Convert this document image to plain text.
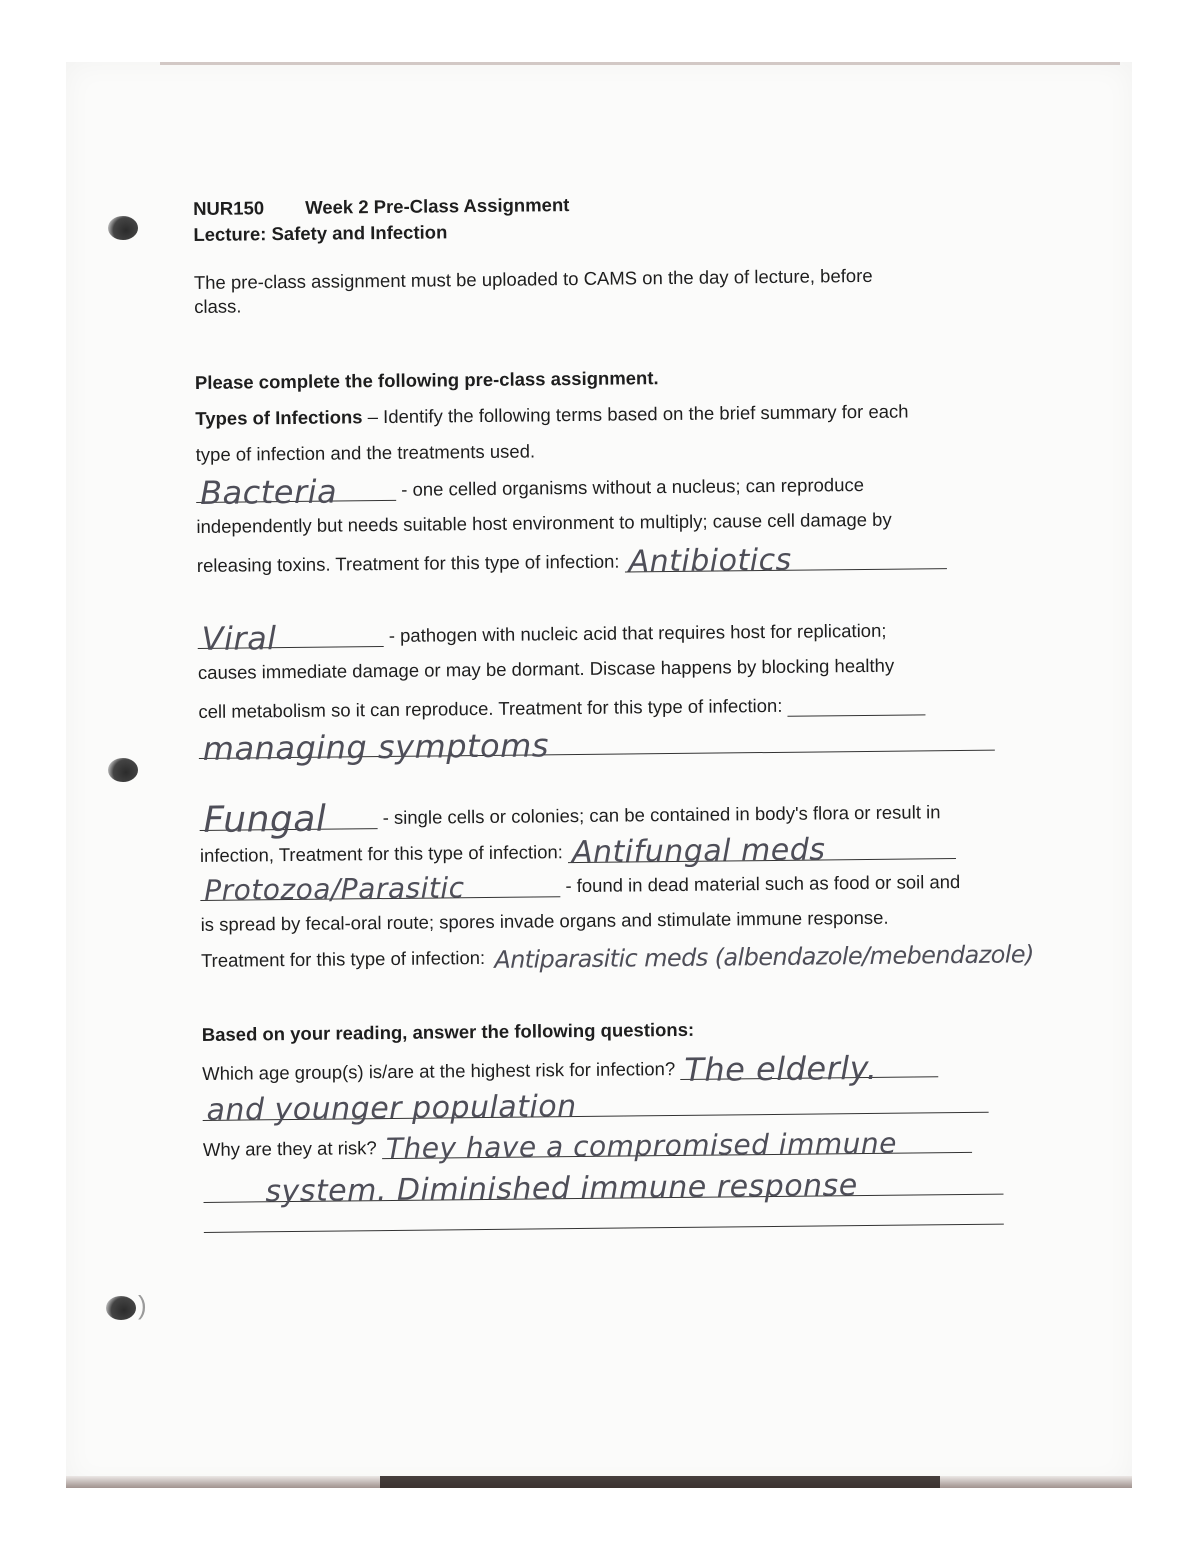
)
NUR150 Week 2 Pre-Class Assignment
Lecture: Safety and Infection
The pre-class assignment must be uploaded to CAMS on the day of lecture, before
class.
Please complete the following pre-class assignment.
Types of Infections – Identify the following terms based on the brief summary for each
type of infection and the treatments used.
Bacteria	- one celled organisms without a nucleus; can reproduce
independently but needs suitable host environment to multiply; cause cell damage by
releasing toxins. Treatment for this type of infection: Antibiotics
Viral	- pathogen with nucleic acid that requires host for replication;
causes immediate damage or may be dormant. Discase happens by blocking healthy
cell metabolism so it can reproduce. Treatment for this type of infection:
managing symptoms
Fungal	- single cells or colonies; can be contained in body's flora or result in
infection, Treatment for this type of infection: Antifungal meds
Protozoa/Parasitic	- found in dead material such as food or soil and
is spread by fecal-oral route; spores invade organs and stimulate immune response.
Treatment for this type of infection: Antiparasitic meds (albendazole/mebendazole)
Based on your reading, answer the following questions:
Which age group(s) is/are at the highest risk for infection? The elderly.
and younger population
Why are they at risk? They have a compromised immune
system. Diminished immune response
